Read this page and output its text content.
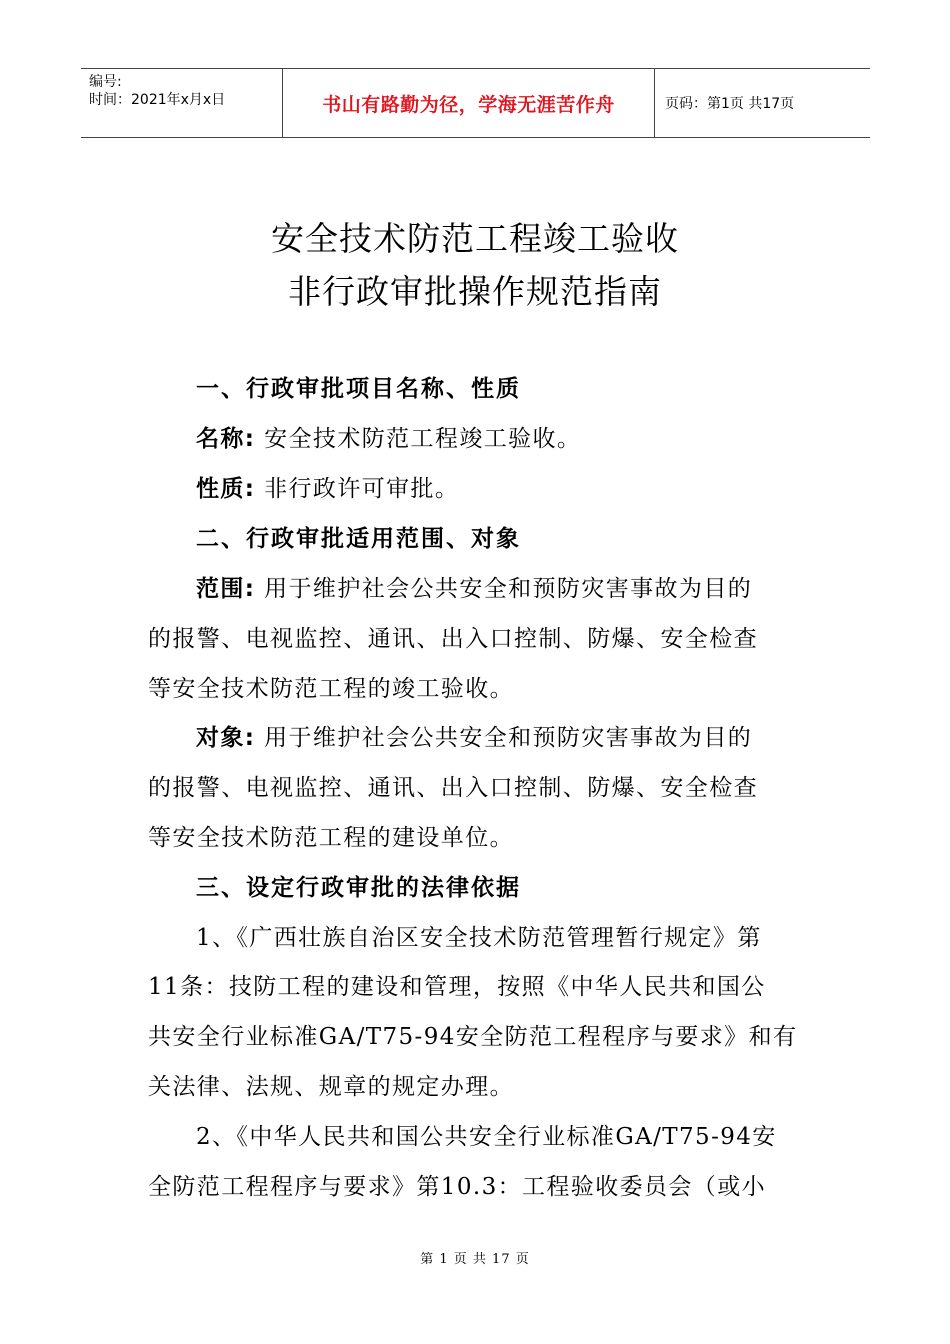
编号:
时间：2021年x月x日	书山有路勤为径，学海无涯苦作舟	页码：第1页 共17页
安全技术防范工程竣工验收
非行政审批操作规范指南
一、行政审批项目名称、性质
名称: 安全技术防范工程竣工验收。
性质: 非行政许可审批。
二、行政审批适用范围、对象
范围: 用于维护社会公共安全和预防灾害事故为目的
的报警、电视监控、通讯、出入口控制、防爆、安全检查
等安全技术防范工程的竣工验收。
对象: 用于维护社会公共安全和预防灾害事故为目的
的报警、电视监控、通讯、出入口控制、防爆、安全检查
等安全技术防范工程的建设单位。
三、设定行政审批的法律依据
1、《广西壮族自治区安全技术防范管理暂行规定》第
11条：技防工程的建设和管理，按照《中华人民共和国公
共安全行业标准GA/T75-94安全防范工程程序与要求》和有
关法律、法规、规章的规定办理。
2、《中华人民共和国公共安全行业标准GA/T75-94安
全防范工程程序与要求》第10.3：工程验收委员会（或小
第 1 页 共 17 页
